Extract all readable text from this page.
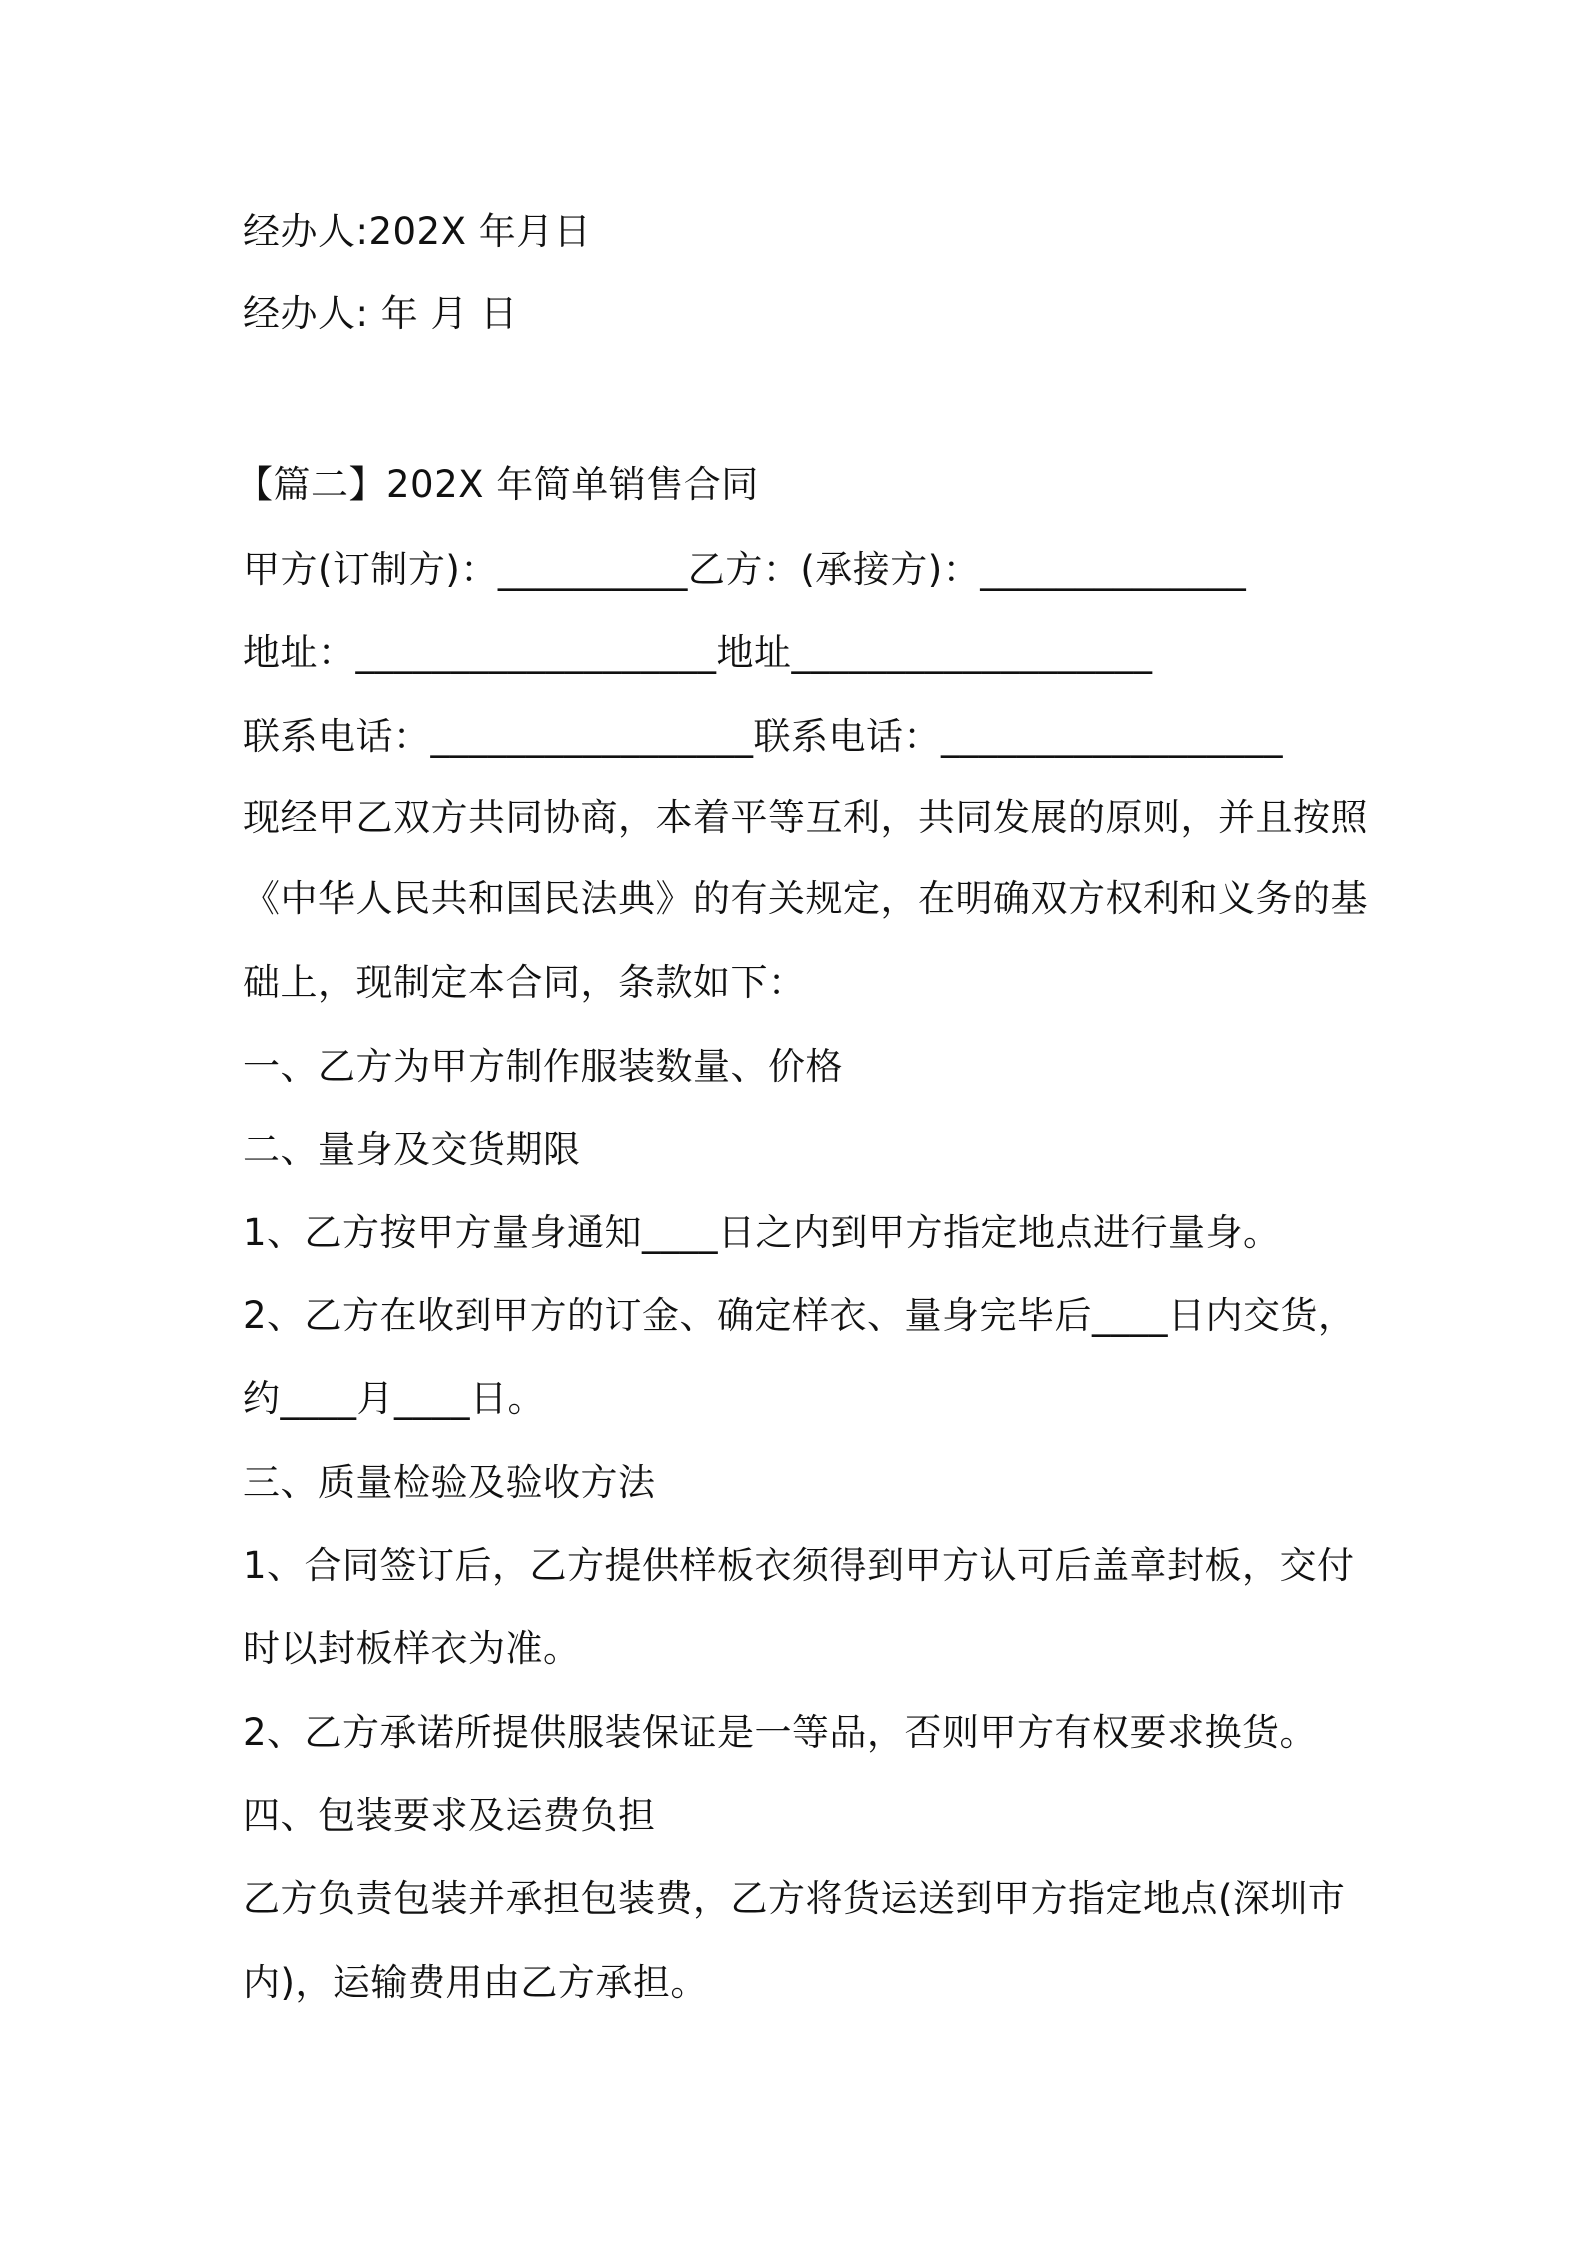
经办人:202X 年月日
经办人: 年 月 日
【篇二】202X 年简单销售合同
甲方(订制方)：__________乙方：(承接方)：______________
地址：___________________地址___________________
联系电话：_________________联系电话：__________________
现经甲乙双方共同协商，本着平等互利，共同发展的原则，并且按照
《中华人民共和国民法典》的有关规定，在明确双方权利和义务的基
础上，现制定本合同，条款如下：
一、乙方为甲方制作服装数量、价格
二、量身及交货期限
1、乙方按甲方量身通知____日之内到甲方指定地点进行量身。
2、乙方在收到甲方的订金、确定样衣、量身完毕后____日内交货，
约____月____日。
三、质量检验及验收方法
1、合同签订后，乙方提供样板衣须得到甲方认可后盖章封板，交付
时以封板样衣为准。
2、乙方承诺所提供服装保证是一等品，否则甲方有权要求换货。
四、包装要求及运费负担
乙方负责包装并承担包装费，乙方将货运送到甲方指定地点(深圳市
内)，运输费用由乙方承担。
